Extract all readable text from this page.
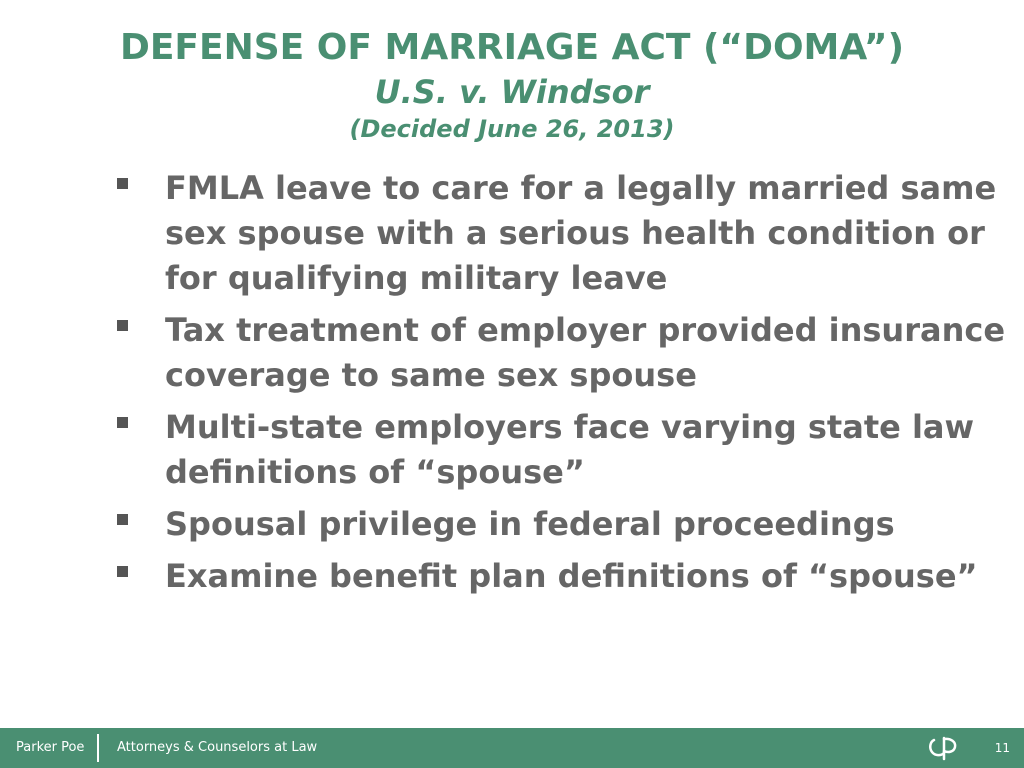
DEFENSE OF MARRIAGE ACT (“DOMA”)
U.S. v. Windsor
(Decided June 26, 2013)
FMLA leave to care for a legally married same sex spouse with a serious health condition or for qualifying military leave
Tax treatment of employer provided insurance coverage to same sex spouse
Multi-state employers face varying state law definitions of “spouse”
Spousal privilege in federal proceedings
Examine benefit plan definitions of “spouse”
Parker Poe	Attorneys & Counselors at Law	11
